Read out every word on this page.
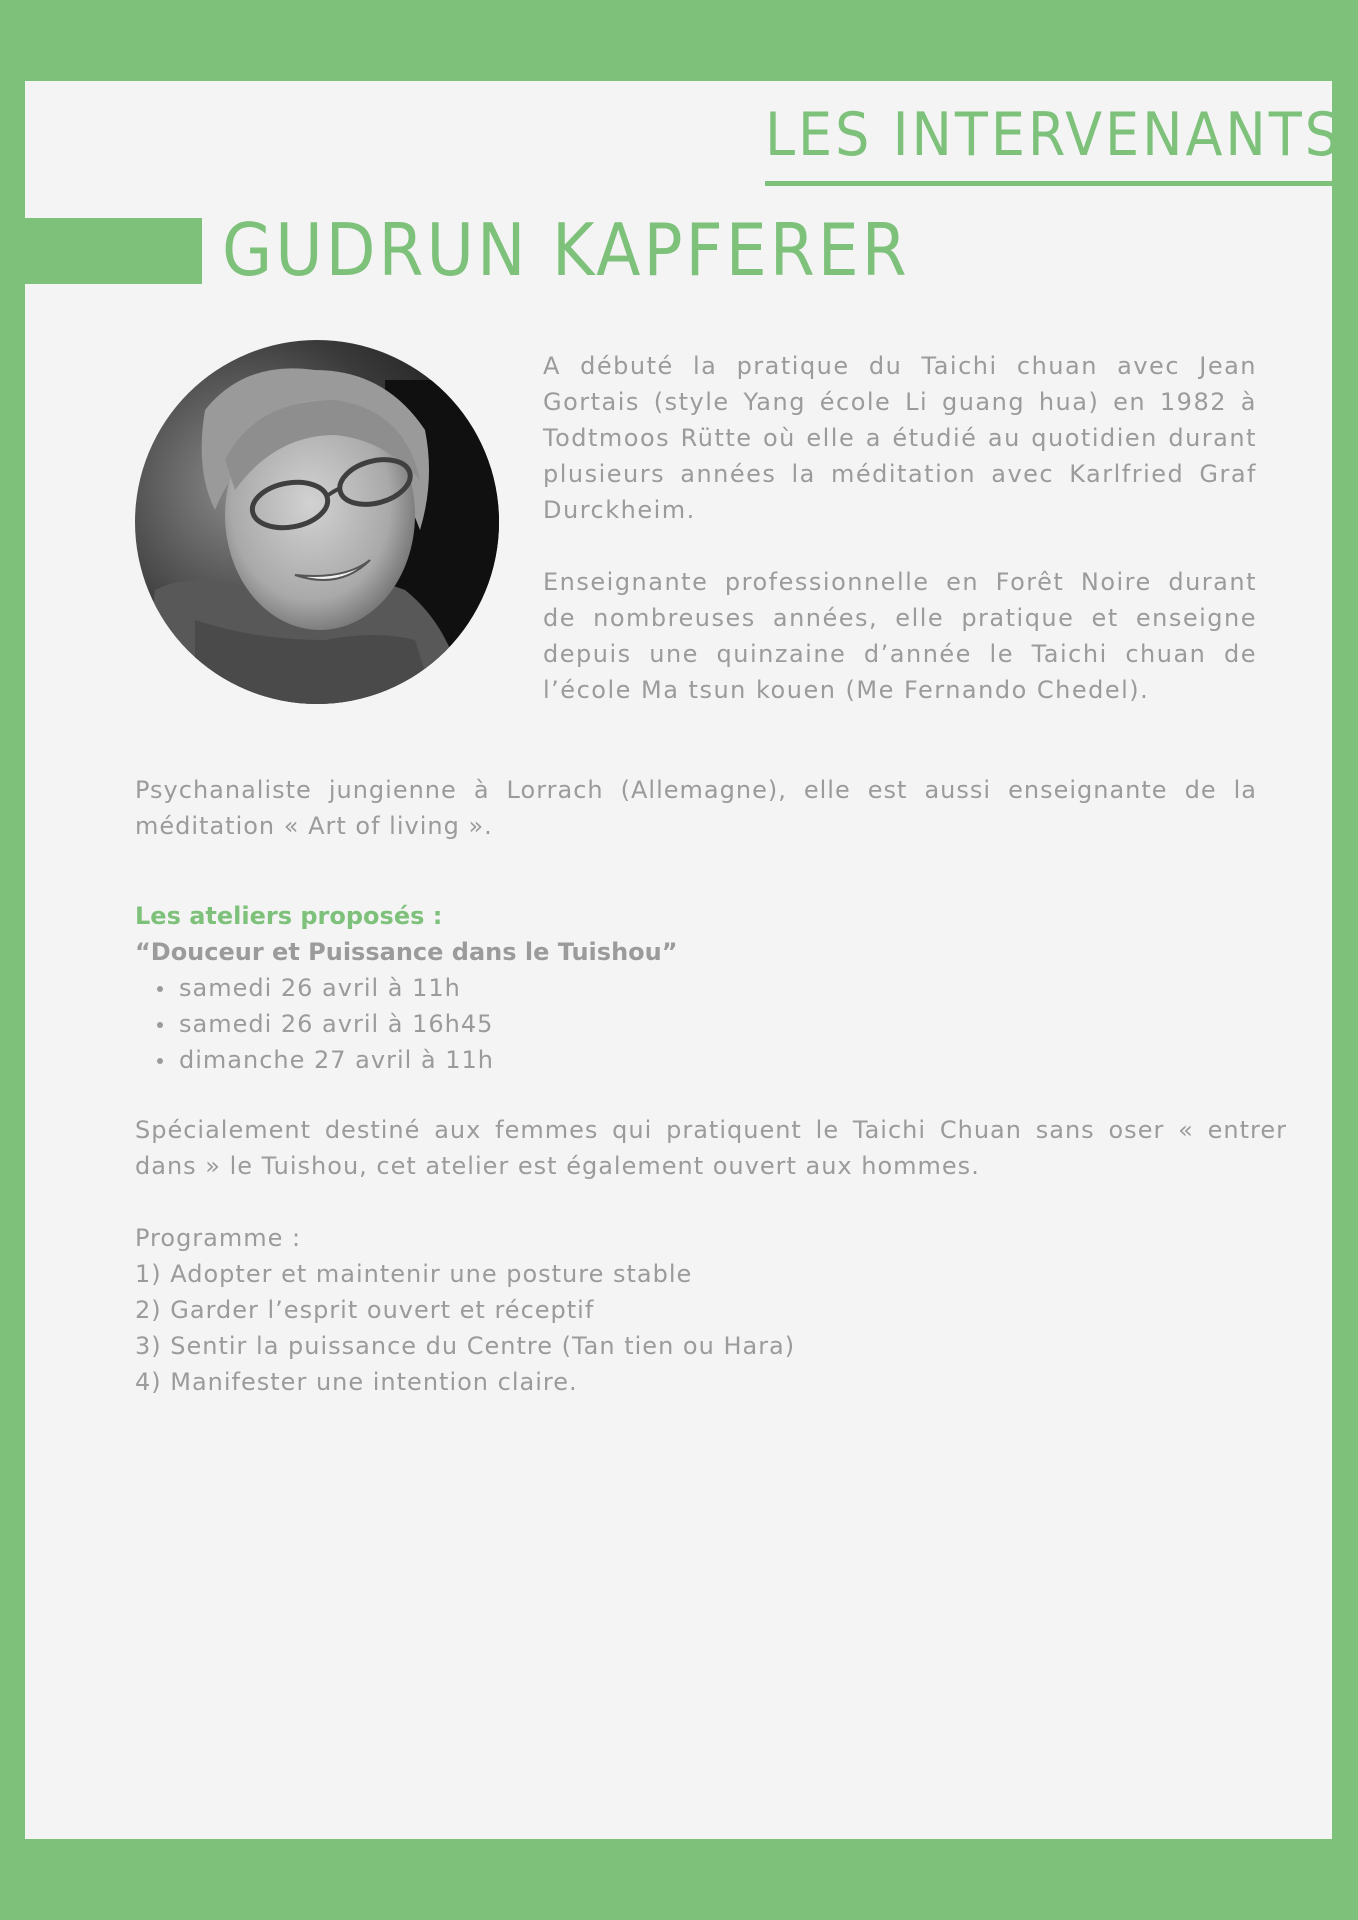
LES INTERVENANTS
GUDRUN KAPFERER

A débuté la pratique du Taichi chuan avec Jean Gortais (style Yang école Li guang hua) en 1982 à Todtmoos Rütte où elle a étudié au quotidien durant plusieurs années la méditation avec Karlfried Graf Durckheim.

Enseignante professionnelle en Forêt Noire durant de nombreuses années, elle pratique et enseigne depuis une quinzaine d’année le Taichi chuan de l’école Ma tsun kouen (Me Fernando Chedel).

Psychanaliste jungienne à Lorrach (Allemagne), elle est aussi enseignante de la méditation « Art of living ».

Les ateliers proposés :

“Douceur et Puissance dans le Tuishou”

samedi 26 avril à 11h
samedi 26 avril à 16h45
dimanche 27 avril à 11h

Spécialement destiné aux femmes qui pratiquent le Taichi Chuan sans oser « entrer dans » le Tuishou, cet atelier est également ouvert aux hommes.

Programme :
1) Adopter et maintenir une posture stable
2) Garder l’esprit ouvert et réceptif
3) Sentir la puissance du Centre (Tan tien ou Hara)
4) Manifester une intention claire.
